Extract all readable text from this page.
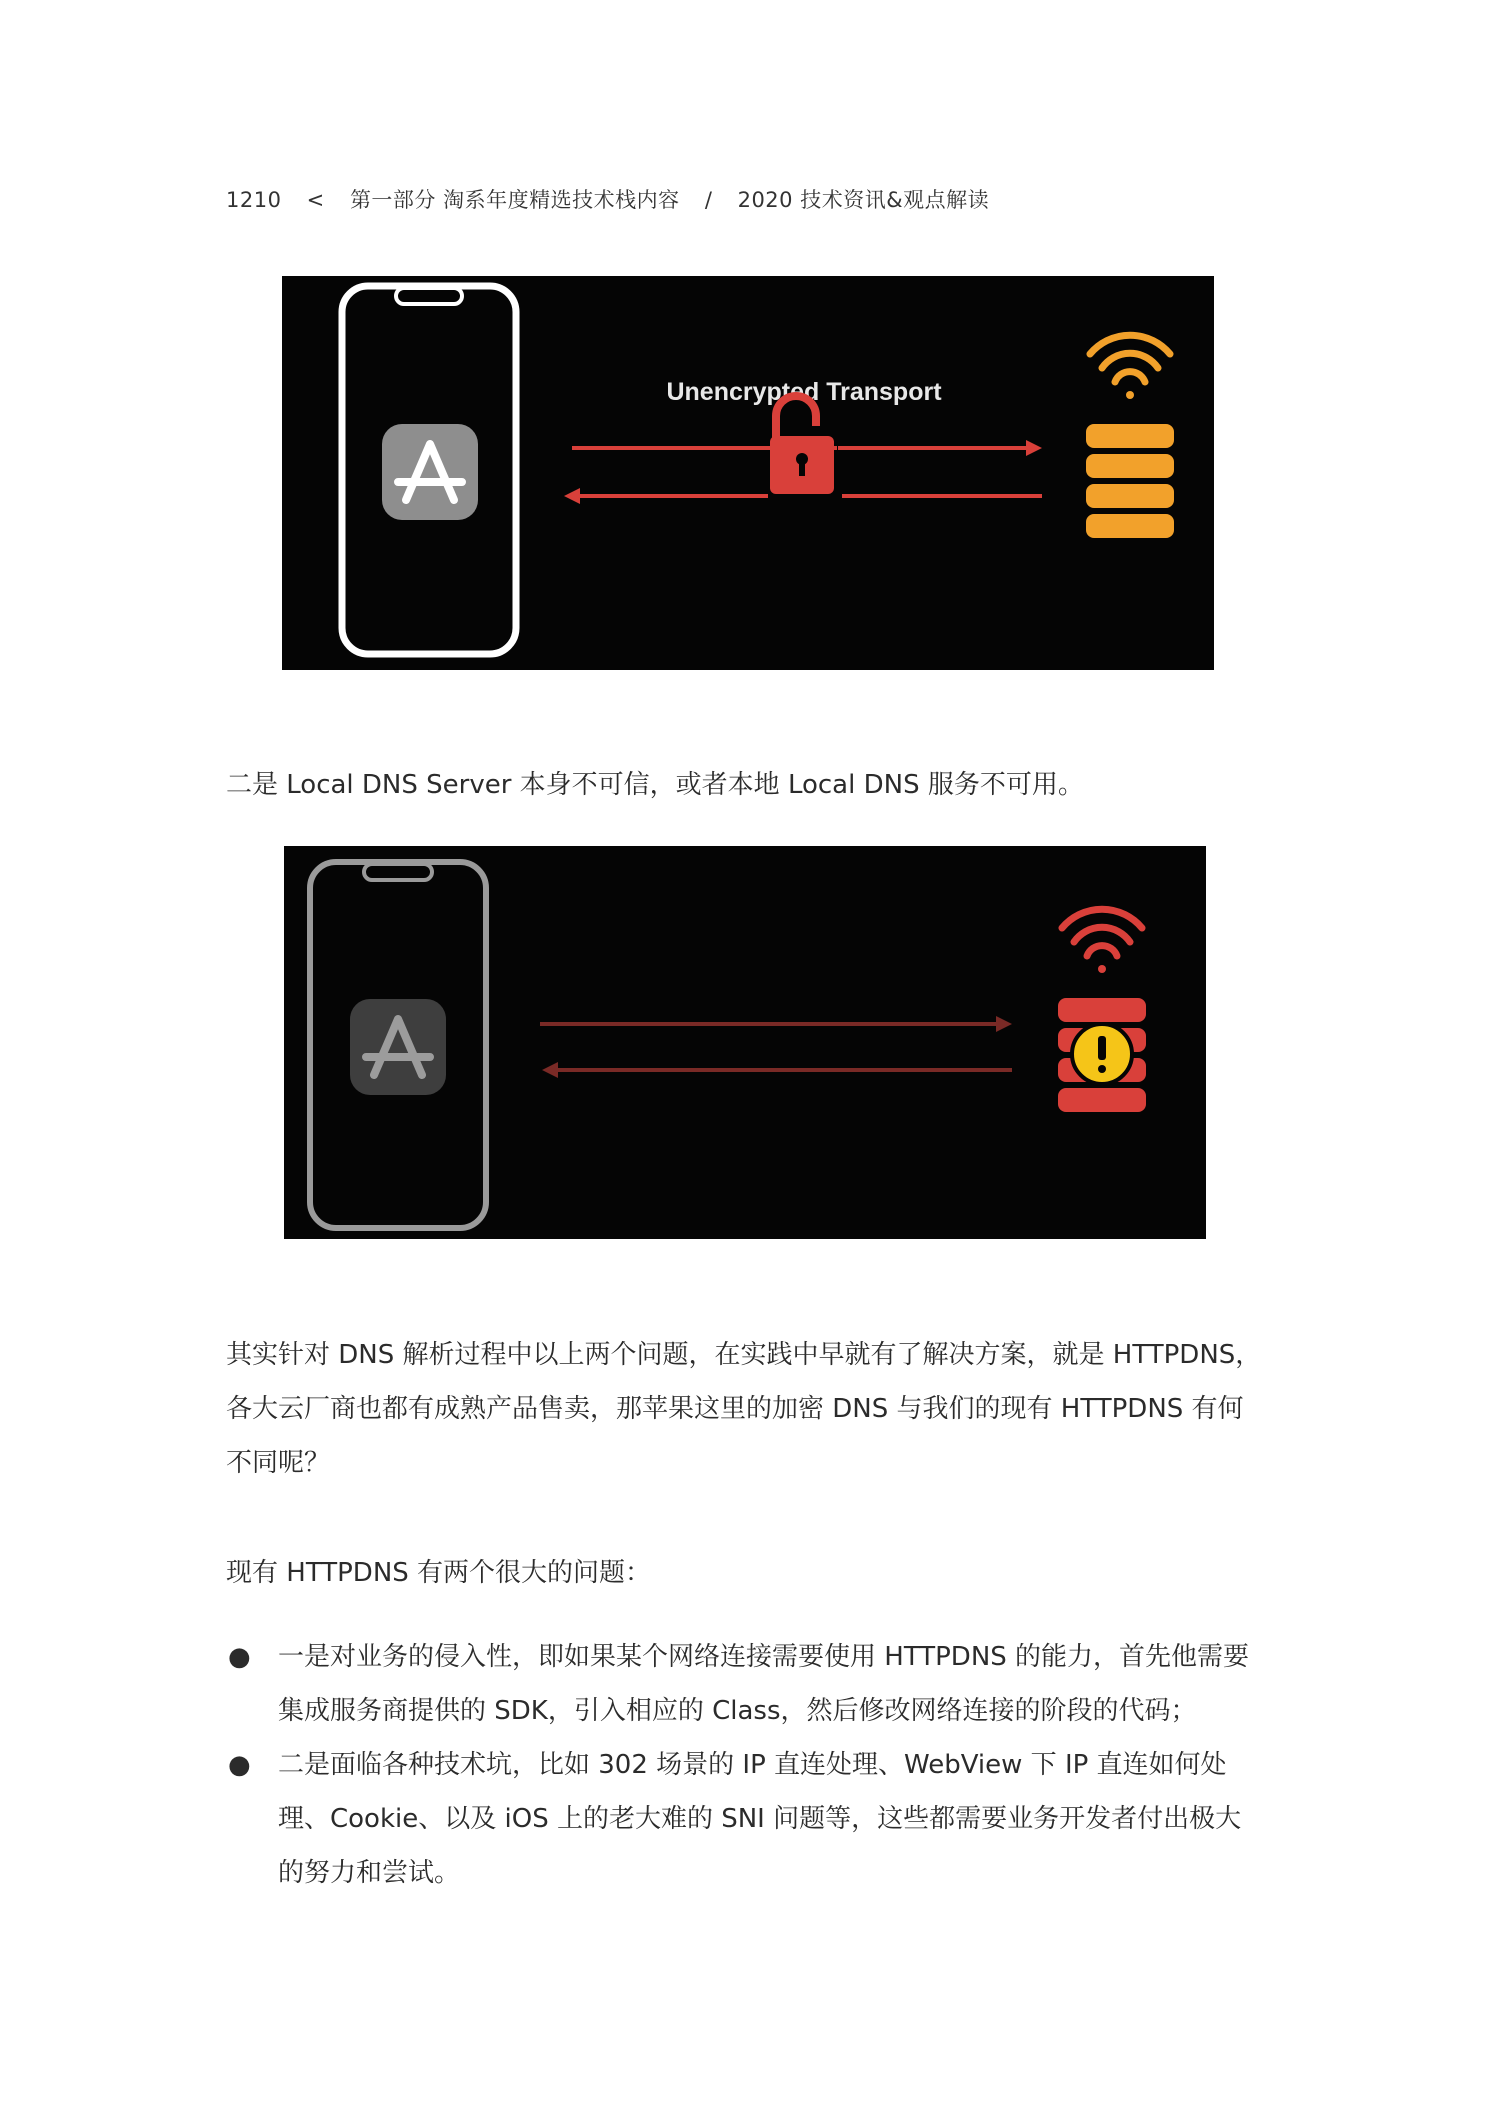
1210 < 第一部分 淘系年度精选技术栈内容 / 2020 技术资讯&观点解读
Unencrypted Transport

二是 Local DNS Server 本身不可信，或者本地 Local DNS 服务不可用。

其实针对 DNS 解析过程中以上两个问题，在实践中早就有了解决方案，就是 HTTPDNS，各大云厂商也都有成熟产品售卖，那苹果这里的加密 DNS 与我们的现有 HTTPDNS 有何不同呢？

现有 HTTPDNS 有两个很大的问题：

● 一是对业务的侵入性，即如果某个网络连接需要使用 HTTPDNS 的能力，首先他需要集成服务商提供的 SDK，引入相应的 Class，然后修改网络连接的阶段的代码；
● 二是面临各种技术坑，比如 302 场景的 IP 直连处理、WebView 下 IP 直连如何处理、Cookie、以及 iOS 上的老大难的 SNI 问题等，这些都需要业务开发者付出极大的努力和尝试。
